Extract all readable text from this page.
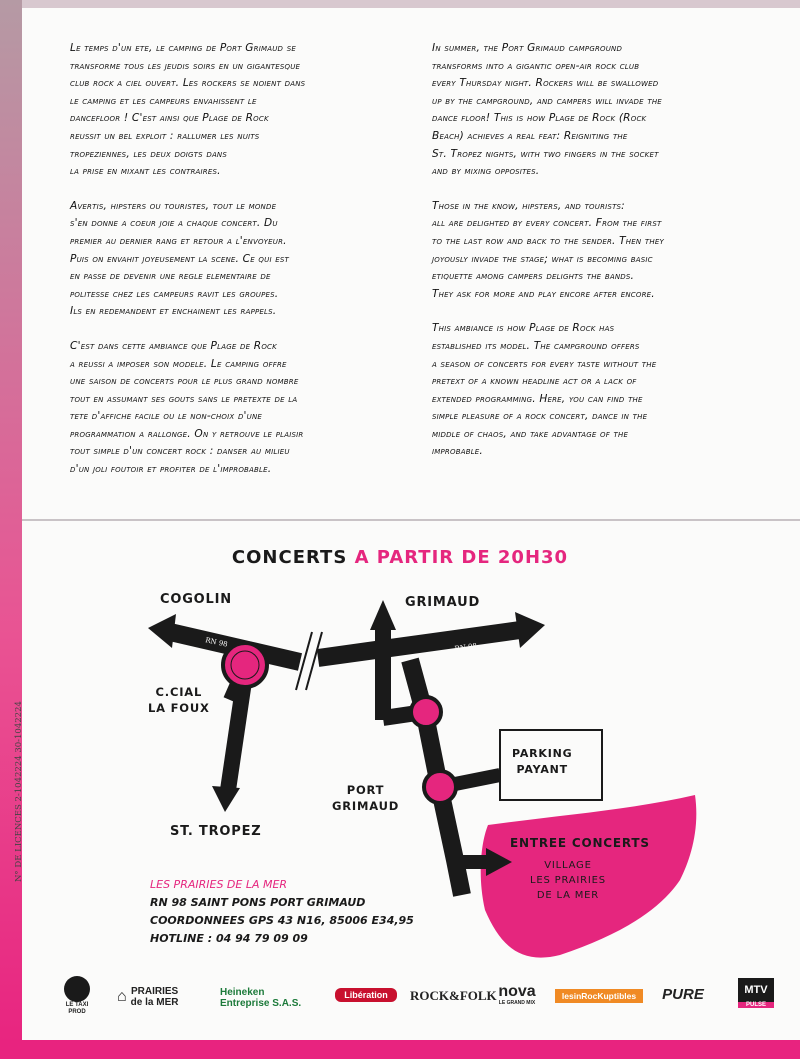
Le temps d'un ete, le camping de Port Grimaud se
transforme tous les jeudis soirs en un gigantesque
club rock a ciel ouvert. Les rockers se noient dans
le camping et les campeurs envahissent le
dancefloor ! C'est ainsi que Plage de Rock
reussit un bel exploit : rallumer les nuits
tropeziennes, les deux doigts dans
la prise en mixant les contraires.

Avertis, hipsters ou touristes, tout le monde
s'en donne a coeur joie a chaque concert. Du
premier au dernier rang et retour a l'envoyeur.
Puis on envahit joyeusement la scene. Ce qui est
en passe de devenir une regle elementaire de
politesse chez les campeurs ravit les groupes.
Ils en redemandent et enchainent les rappels.

C'est dans cette ambiance que Plage de Rock
a reussi a imposer son modele. Le camping offre
une saison de concerts pour le plus grand nombre
tout en assumant ses gouts sans le pretexte de la
tete d'affiche facile ou le non-choix d'une
programmation a rallonge. On y retrouve le plaisir
tout simple d'un concert rock : danser au milieu
d'un joli foutoir et profiter de l'improbable.

In summer, the Port Grimaud campground
transforms into a gigantic open-air rock club
every Thursday night. Rockers will be swallowed
up by the campground, and campers will invade the
dance floor! This is how Plage de Rock (Rock
Beach) achieves a real feat: Reigniting the
St. Tropez nights, with two fingers in the socket
and by mixing opposites.

Those in the know, hipsters, and tourists:
all are delighted by every concert. From the first
to the last row and back to the sender. Then they
joyously invade the stage; what is becoming basic
etiquette among campers delights the bands.
They ask for more and play encore after encore.

This ambiance is how Plage de Rock has
established its model. The campground offers
a season of concerts for every taste without the
pretext of a known headline act or a lack of
extended programming. Here, you can find the
simple pleasure of a rock concert, dance in the
middle of chaos, and take advantage of the
improbable.

CONCERTS A PARTIR DE 20H30
RN 98	RN 98
COGOLIN	GRIMAUD
C.CIAL
LA FOUX
ST. TROPEZ
PORT
GRIMAUD
PARKING
PAYANT
ENTREE CONCERTS
VILLAGE
LES PRAIRIES
DE LA MER
LES PRAIRIES DE LA MER
RN 98 SAINT PONS PORT GRIMAUD
COORDONNEES GPS 43 N16, 85006 E34,95
HOTLINE : 04 94 79 09 09
N° DE LICENCES 2-1042224 30-1042224
LE TAXI
PROD
⌂ PRAIRIES
de la MER
Heineken
Entreprise S.A.S.
Libération	ROCK&FOLK nova
LE GRAND MIX
lesinRocKuptibles	PURE	MTV
PULSE
